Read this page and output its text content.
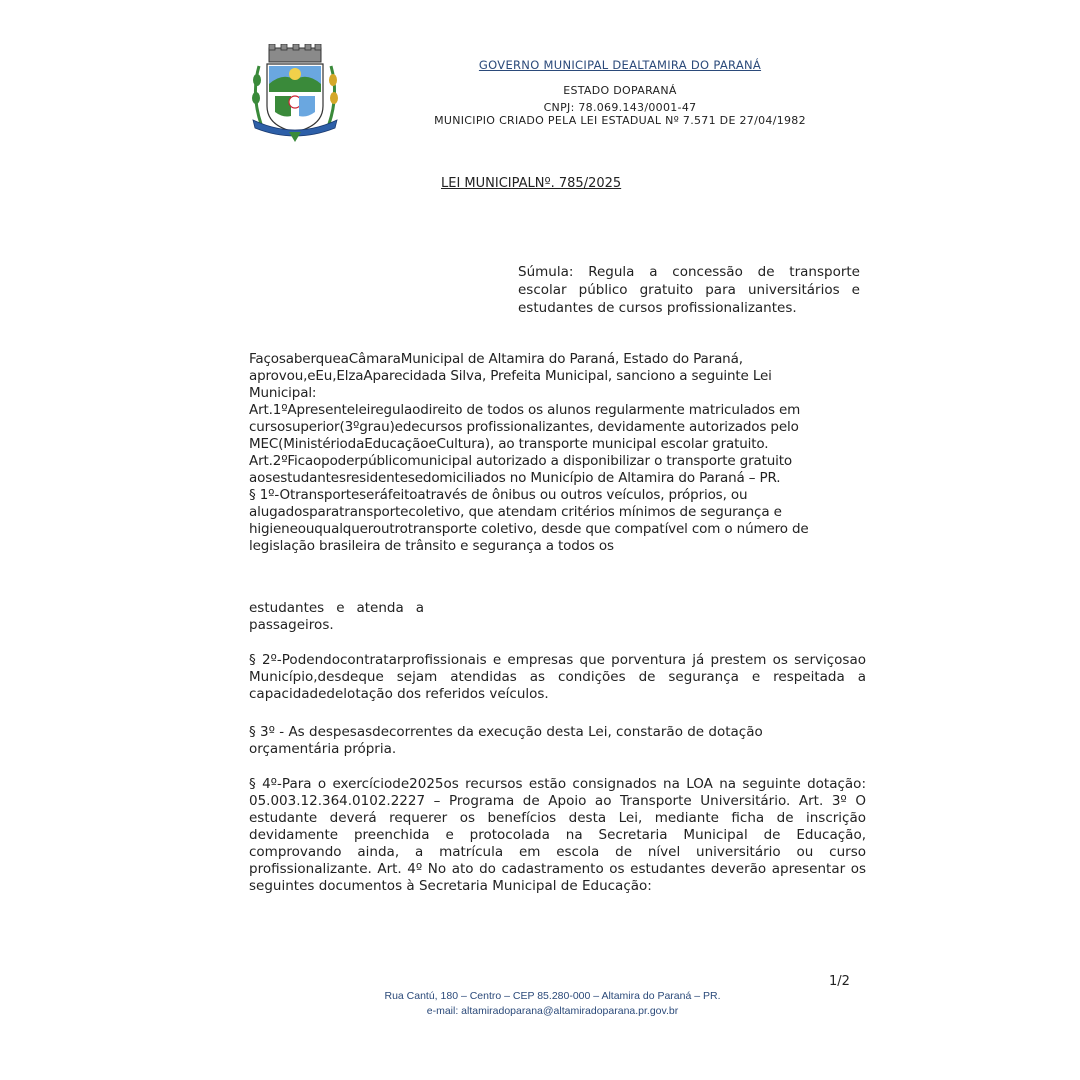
GOVERNO MUNICIPAL DEALTAMIRA DO PARANÁ
ESTADO DOPARANÁ
CNPJ: 78.069.143/0001-47
MUNICIPIO CRIADO PELA LEI ESTADUAL Nº 7.571 DE 27/04/1982
LEI MUNICIPALNº. 785/2025
Súmula: Regula a concessão de transporte escolar público gratuito para universitários e estudantes de cursos profissionalizantes.

FaçosaberqueaCâmaraMunicipal de Altamira do Paraná, Estado do Paraná,

aprovou,eEu,ElzaAparecidada Silva, Prefeita Municipal, sanciono a seguinte Lei

Municipal:

Art.1ºApresenteleiregulaodireito de todos os alunos regularmente matriculados em

cursosuperior(3ºgrau)edecursos profissionalizantes, devidamente autorizados pelo

MEC(MinistériodaEducaçãoeCultura), ao transporte municipal escolar gratuito.

Art.2ºFicaopoderpúblicomunicipal autorizado a disponibilizar o transporte gratuito

aosestudantesresidentesedomiciliados no Município de Altamira do Paraná – PR.

§ 1º-Otransporteseráfeitoatravés de ônibus ou outros veículos, próprios, ou

alugadosparatransportecoletivo, que atendam critérios mínimos de segurança e

higieneouqualqueroutrotransporte coletivo, desde que compatível com o número de

legislação brasileira de trânsito e segurança a todos os

estudantes e atenda a passageiros.
§ 2º-Podendocontratarprofissionais e empresas que porventura já prestem os serviçosao Município,desdeque sejam atendidas as condições de segurança e respeitada a capacidadedelotação dos referidos veículos.
§ 3º - As despesasdecorrentes da execução desta Lei, constarão de dotação orçamentária própria.
§ 4º-Para o exercíciode2025os recursos estão consignados na LOA na seguinte dotação: 05.003.12.364.0102.2227 – Programa de Apoio ao Transporte Universitário. Art. 3º O estudante deverá requerer os benefícios desta Lei, mediante ficha de inscrição devidamente preenchida e protocolada na Secretaria Municipal de Educação, comprovando ainda, a matrícula em escola de nível universitário ou curso profissionalizante. Art. 4º No ato do cadastramento os estudantes deverão apresentar os seguintes documentos à Secretaria Municipal de Educação:
1/2
Rua Cantú, 180 – Centro – CEP 85.280-000 – Altamira do Paraná – PR.
e-mail: altamiradoparana@altamiradoparana.pr.gov.br
